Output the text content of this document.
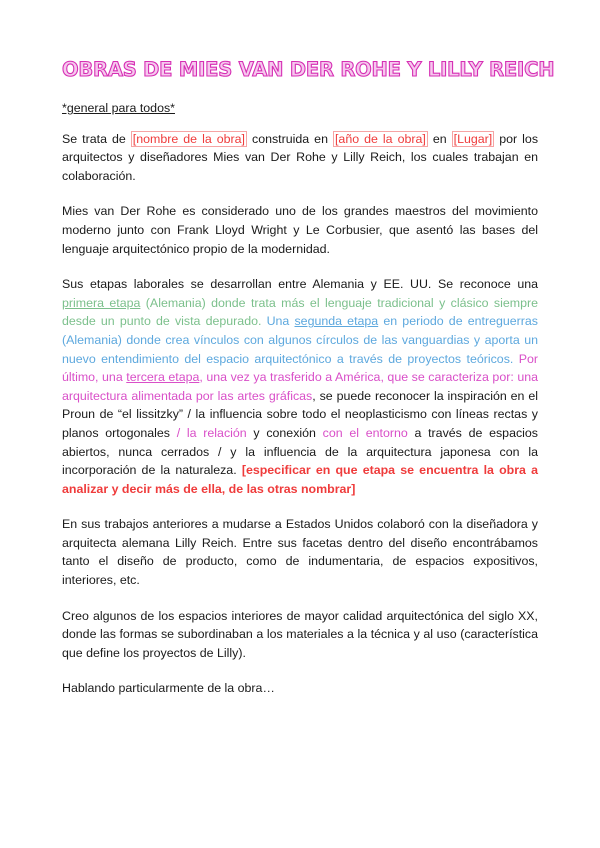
OBRAS DE MIES VAN DER ROHE Y LILLY REICH

*general para todos*

Se trata de [nombre de la obra] construida en [año de la obra] en [Lugar] por los arquitectos y diseñadores Mies van Der Rohe y Lilly Reich, los cuales trabajan en colaboración.

Mies van Der Rohe es considerado uno de los grandes maestros del movimiento moderno junto con Frank Lloyd Wright y Le Corbusier, que asentó las bases del lenguaje arquitectónico propio de la modernidad.

Sus etapas laborales se desarrollan entre Alemania y EE. UU. Se reconoce una primera etapa (Alemania) donde trata más el lenguaje tradicional y clásico siempre desde un punto de vista depurado. Una segunda etapa en periodo de entreguerras (Alemania) donde crea vínculos con algunos círculos de las vanguardias y aporta un nuevo entendimiento del espacio arquitectónico a través de proyectos teóricos. Por último, una tercera etapa, una vez ya trasferido a América, que se caracteriza por: una arquitectura alimentada por las artes gráficas, se puede reconocer la inspiración en el Proun de “el lissitzky” / la influencia sobre todo el neoplasticismo con líneas rectas y planos ortogonales / la relación y conexión con el entorno a través de espacios abiertos, nunca cerrados / y la influencia de la arquitectura japonesa con la incorporación de la naturaleza. [especificar en que etapa se encuentra la obra a analizar y decir más de ella, de las otras nombrar]

En sus trabajos anteriores a mudarse a Estados Unidos colaboró con la diseñadora y arquitecta alemana Lilly Reich. Entre sus facetas dentro del diseño encontrábamos tanto el diseño de producto, como de indumentaria, de espacios expositivos, interiores, etc.

Creo algunos de los espacios interiores de mayor calidad arquitectónica del siglo XX, donde las formas se subordinaban a los materiales a la técnica y al uso (característica que define los proyectos de Lilly).

Hablando particularmente de la obra…
